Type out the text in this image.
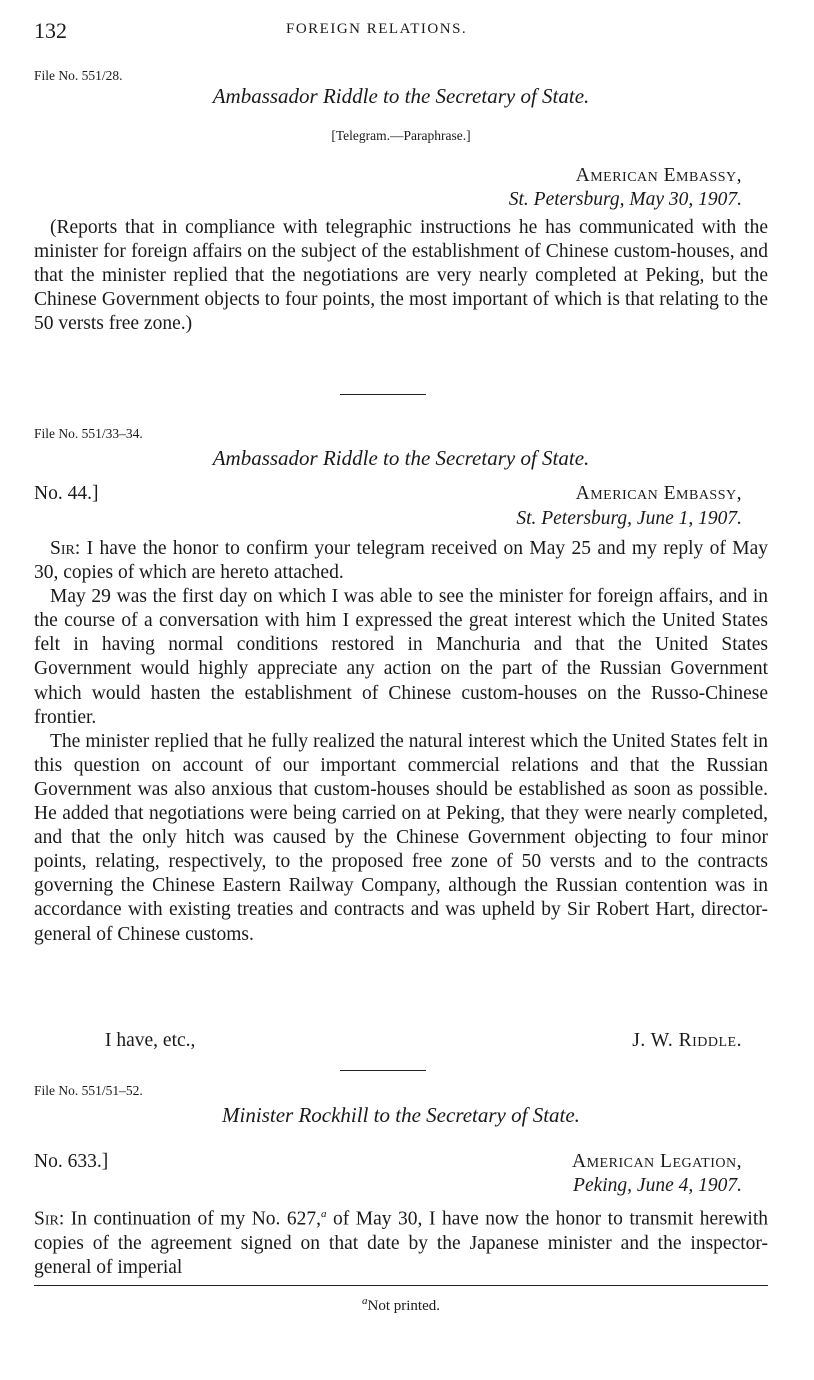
132	FOREIGN RELATIONS.
File No. 551/28.
Ambassador Riddle to the Secretary of State.
[Telegram.—Paraphrase.]
American Embassy,
St. Petersburg, May 30, 1907.

(Reports that in compliance with telegraphic instructions he has communicated with the minister for foreign affairs on the subject of the establishment of Chinese custom-houses, and that the minister replied that the negotiations are very nearly completed at Peking, but the Chinese Government objects to four points, the most important of which is that relating to the 50 versts free zone.)

File No. 551/33–34.
Ambassador Riddle to the Secretary of State.
No. 44.]	American Embassy,
St. Petersburg, June 1, 1907.

Sir: I have the honor to confirm your telegram received on May 25 and my reply of May 30, copies of which are hereto attached.

May 29 was the first day on which I was able to see the minister for foreign affairs, and in the course of a conversation with him I expressed the great interest which the United States felt in having normal conditions restored in Manchuria and that the United States Government would highly appreciate any action on the part of the Russian Government which would hasten the establishment of Chinese custom-houses on the Russo-Chinese frontier.

The minister replied that he fully realized the natural interest which the United States felt in this question on account of our important commercial relations and that the Russian Government was also anxious that custom-houses should be established as soon as possible. He added that negotiations were being carried on at Peking, that they were nearly completed, and that the only hitch was caused by the Chinese Government objecting to four minor points, relating, respectively, to the proposed free zone of 50 versts and to the contracts governing the Chinese Eastern Railway Company, although the Russian contention was in accordance with existing treaties and contracts and was upheld by Sir Robert Hart, director-general of Chinese customs.

I have, etc.,	J. W. Riddle.
File No. 551/51–52.
Minister Rockhill to the Secretary of State.
No. 633.]	American Legation,
Peking, June 4, 1907.

Sir: In continuation of my No. 627,$^a$ of May 30, I have now the honor to transmit herewith copies of the agreement signed on that date by the Japanese minister and the inspector-general of imperial

$^a$Not printed.
